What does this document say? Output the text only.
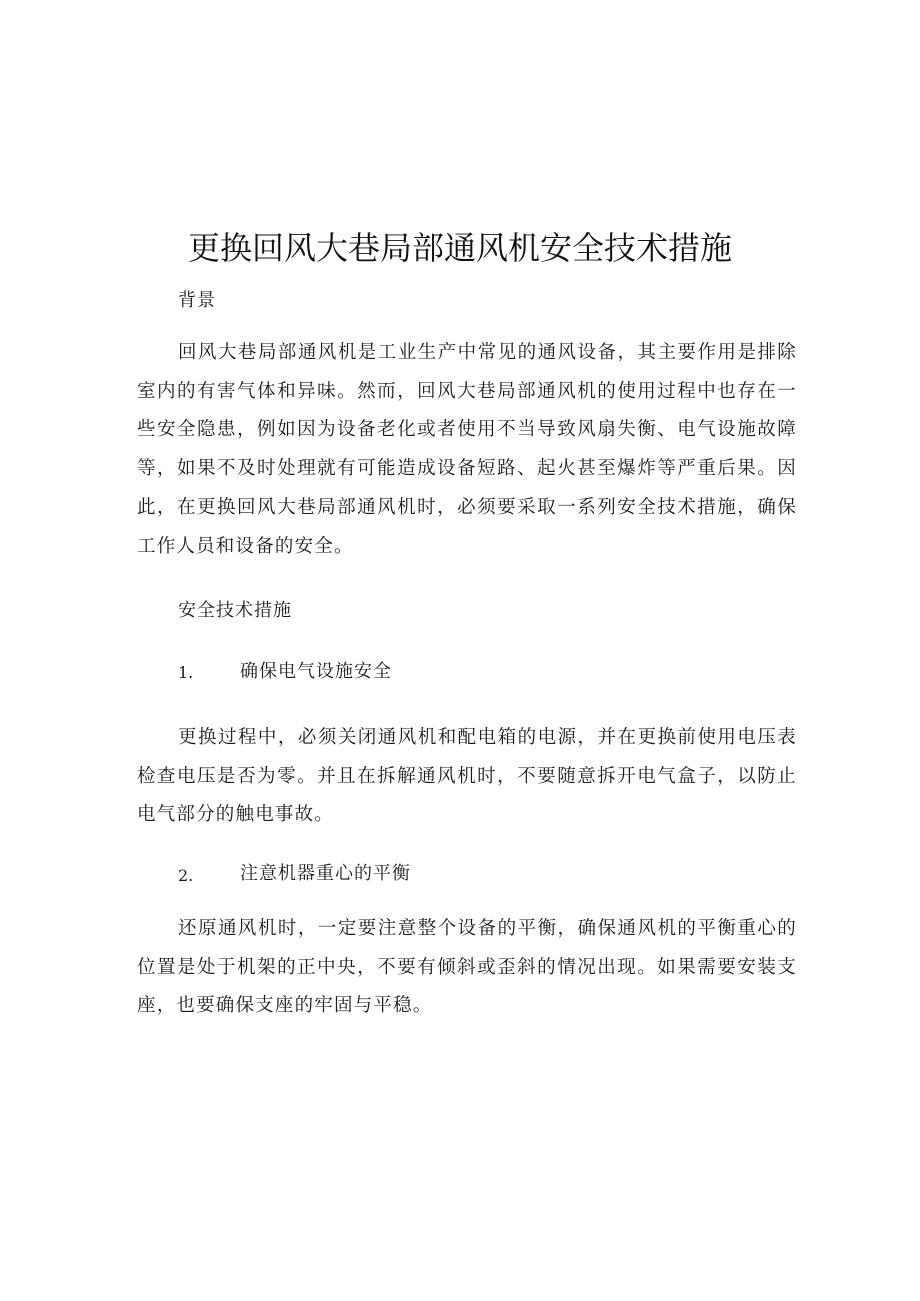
更换回风大巷局部通风机安全技术措施
背景

回风大巷局部通风机是工业生产中常见的通风设备，其主要作用是排除室内的有害气体和异味。然而，回风大巷局部通风机的使用过程中也存在一些安全隐患，例如因为设备老化或者使用不当导致风扇失衡、电气设施故障等，如果不及时处理就有可能造成设备短路、起火甚至爆炸等严重后果。因此，在更换回风大巷局部通风机时，必须要采取一系列安全技术措施，确保工作人员和设备的安全。

安全技术措施
1.	确保电气设施安全

更换过程中，必须关闭通风机和配电箱的电源，并在更换前使用电压表检查电压是否为零。并且在拆解通风机时，不要随意拆开电气盒子，以防止电气部分的触电事故。

2.	注意机器重心的平衡

还原通风机时，一定要注意整个设备的平衡，确保通风机的平衡重心的位置是处于机架的正中央，不要有倾斜或歪斜的情况出现。如果需要安装支座，也要确保支座的牢固与平稳。
